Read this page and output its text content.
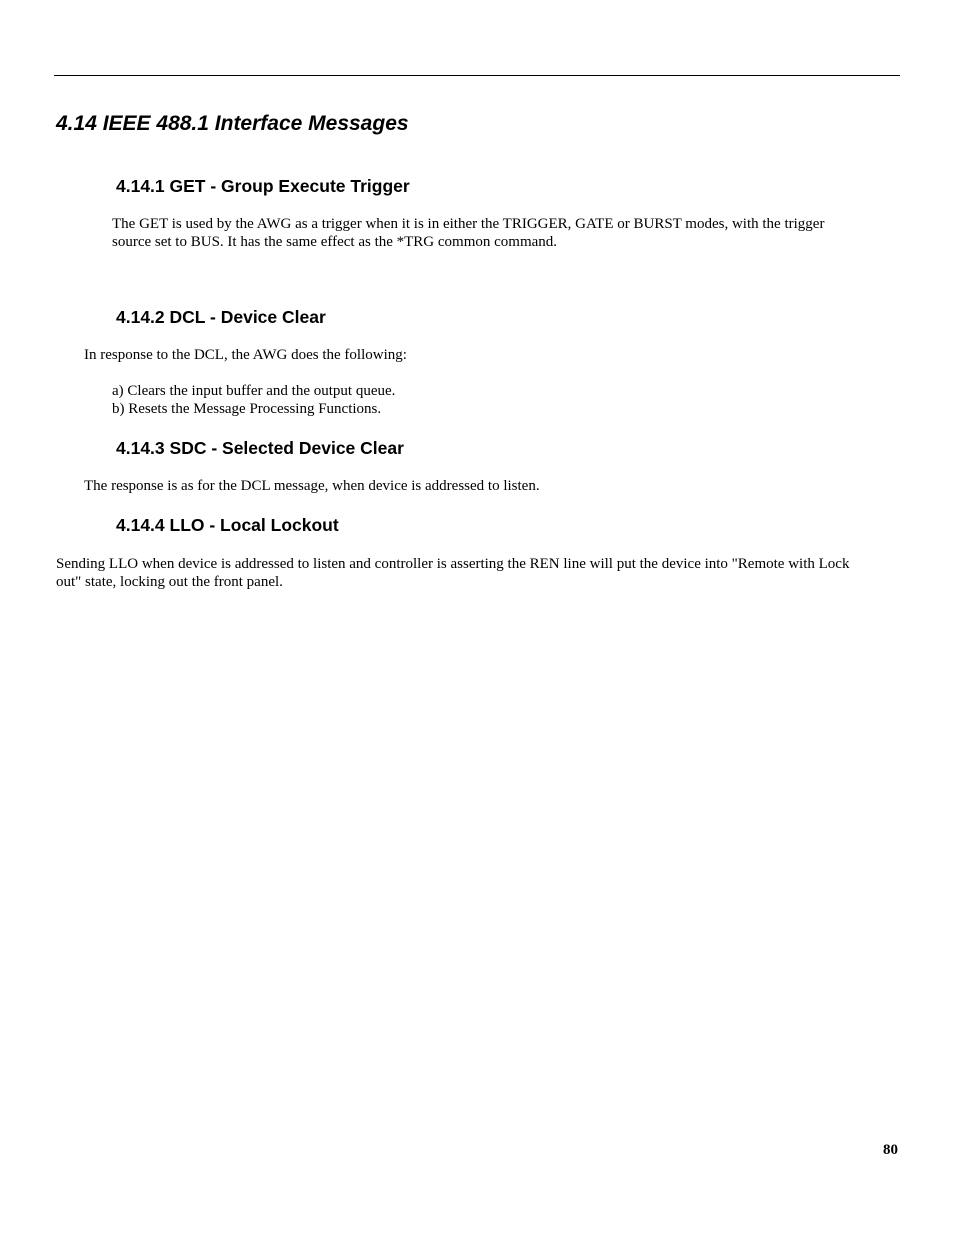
4.14 IEEE 488.1 Interface Messages
4.14.1 GET - Group Execute Trigger
The GET is used by the AWG as a trigger when it is in either the TRIGGER, GATE or BURST modes, with the trigger
source set to BUS. It has the same effect as the *TRG common command.
4.14.2 DCL - Device Clear
In response to the DCL, the AWG does the following:
a) Clears the input buffer and the output queue.
b) Resets the Message Processing Functions.
4.14.3 SDC - Selected Device Clear
The response is as for the DCL message, when device is addressed to listen.
4.14.4 LLO - Local Lockout
Sending LLO when device is addressed to listen and controller is asserting the REN line will put the device into "Remote with Lock
out" state, locking out the front panel.
80
